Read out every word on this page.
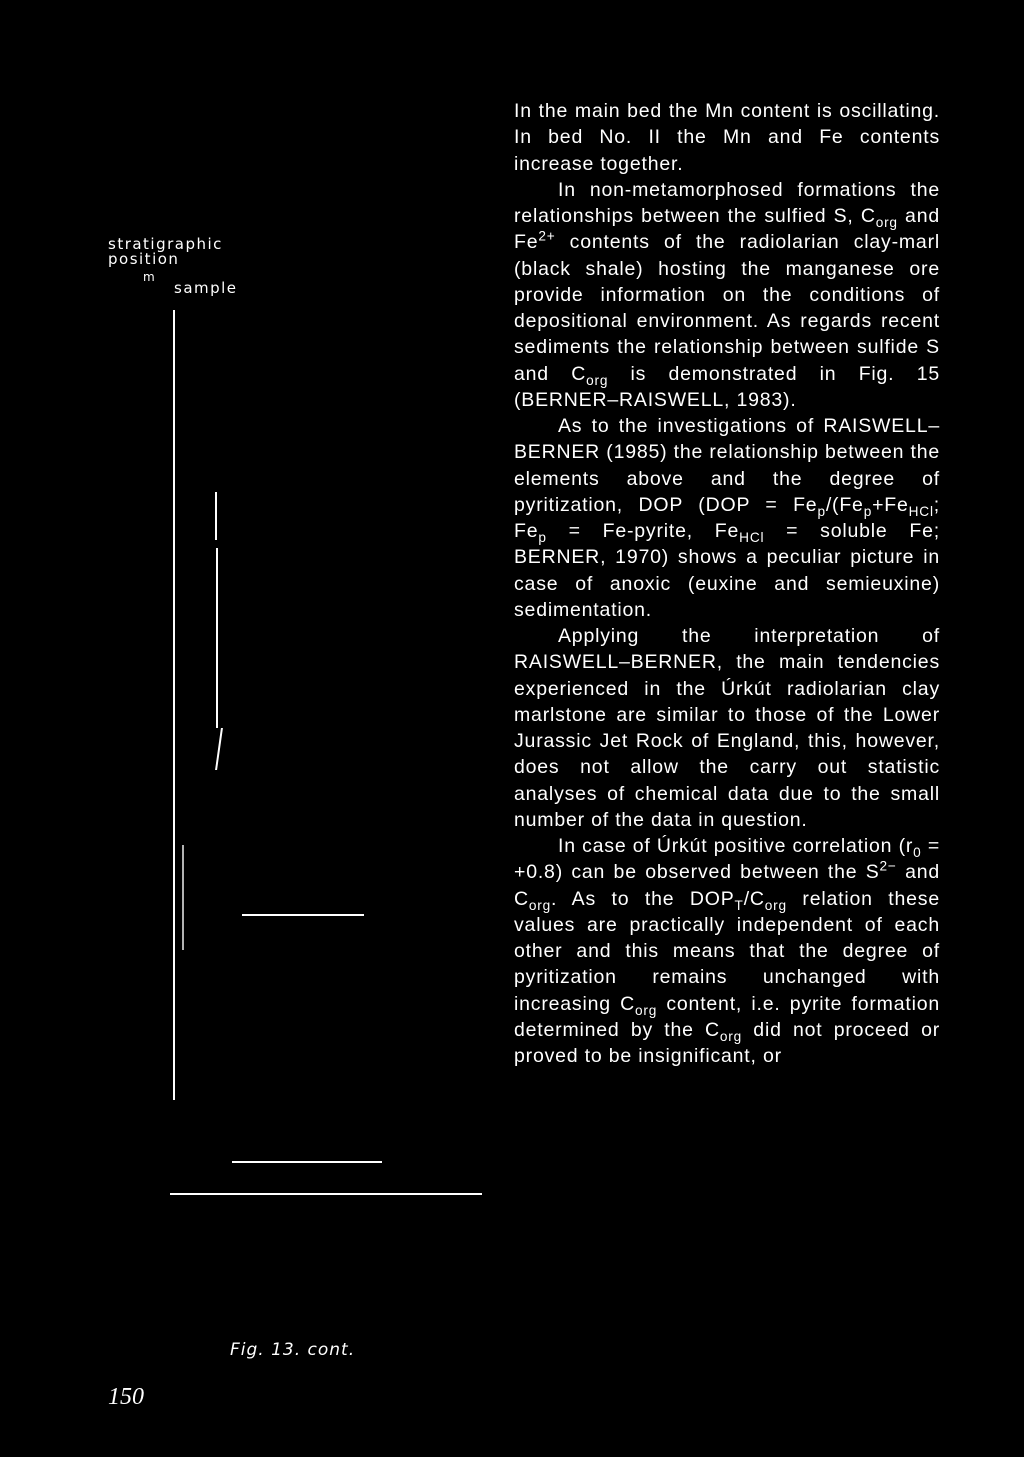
stratigraphic
position
m
sample
Fig. 13. cont.
150

In the main bed the Mn content is oscillating. In bed No. II the Mn and Fe contents increase together.

In non-metamorphosed formations the relationships between the sulfied S, $C_{org}$ and $Fe^{2+}$ contents of the radiolarian clay-marl (black shale) hosting the manganese ore provide information on the conditions of depositional environment. As regards recent sediments the relationship between sulfide S and $C_{org}$ is demonstrated in Fig. 15 (BERNER–RAISWELL, 1983).

As to the investigations of RAISWELL–BERNER (1985) the relationship between the elements above and the degree of pyritization, DOP ($DOP = Fe_p/(Fe_p+Fe_{HCl}$; $Fe_p$ = Fe-pyrite, $Fe_{HCl}$ = soluble Fe; BERNER, 1970) shows a peculiar picture in case of anoxic (euxine and semieuxine) sedimentation.

Applying the interpretation of RAISWELL–BERNER, the main tendencies experienced in the Úrkút radiolarian clay marlstone are similar to those of the Lower Jurassic Jet Rock of England, this, however, does not allow the carry out statistic analyses of chemical data due to the small number of the data in question.

In case of Úrkút positive correlation $(r_0 = +0.8)$ can be observed between the $S^{2-}$ and $C_{org}$. As to the $DOP_T/C_{org}$ relation these values are practically independent of each other and this means that the degree of pyritization remains unchanged with increasing $C_{org}$ content, i.e. pyrite formation determined by the $C_{org}$ did not proceed or proved to be insignificant, or
